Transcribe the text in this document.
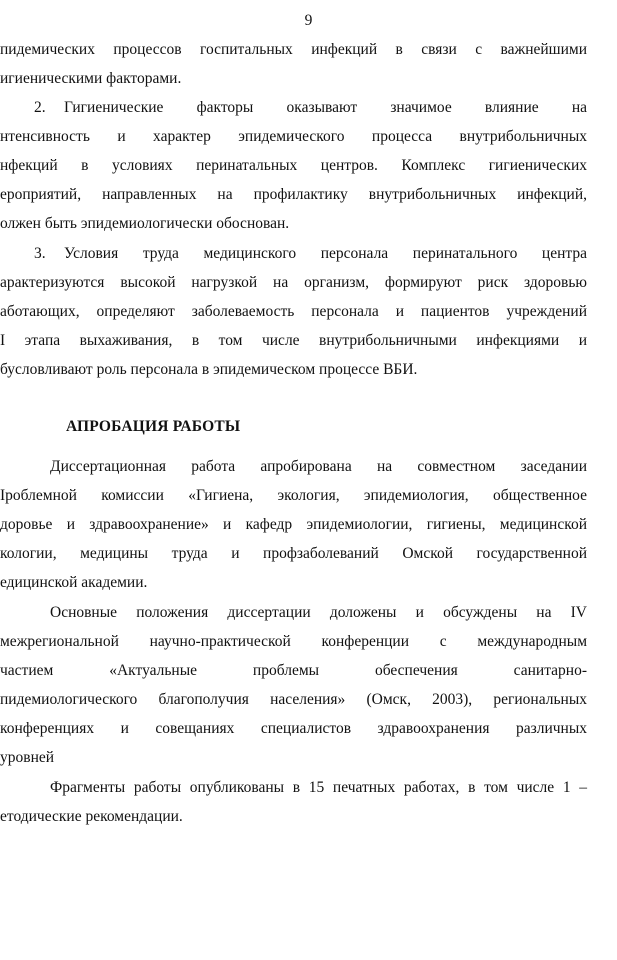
9
пидемических процессов госпитальных инфекций в связи с важнейшими
игиеническими факторами.
2.	Гигиенические факторы оказывают значимое влияние на
нтенсивность и характер эпидемического процесса внутрибольничных
нфекций в условиях перинатальных центров. Комплекс гигиенических
ероприятий, направленных на профилактику внутрибольничных инфекций,
олжен быть эпидемиологически обоснован.
3.	Условия труда медицинского персонала перинатального центра
арактеризуются высокой нагрузкой на организм, формируют риск здоровью
аботающих, определяют заболеваемость персонала и пациентов учреждений
I этапа выхаживания, в том числе внутрибольничными инфекциями и
бусловливают роль персонала в эпидемическом процессе ВБИ.
АПРОБАЦИЯ РАБОТЫ
Диссертационная работа апробирована на совместном заседании
Іроблемной комиссии «Гигиена, экология, эпидемиология, общественное
доровье и здравоохранение» и кафедр эпидемиологии, гигиены, медицинской
кологии, медицины труда и профзаболеваний Омской государственной
едицинской академии.
Основные положения диссертации доложены и обсуждены на IV
межрегиональной научно-практической конференции с международным
частием «Актуальные проблемы обеспечения санитарно-
пидемиологического благополучия населения» (Омск, 2003), региональных
конференциях и совещаниях специалистов здравоохранения различных
уровней
Фрагменты работы опубликованы в 15 печатных работах, в том числе 1 –
етодические рекомендации.
